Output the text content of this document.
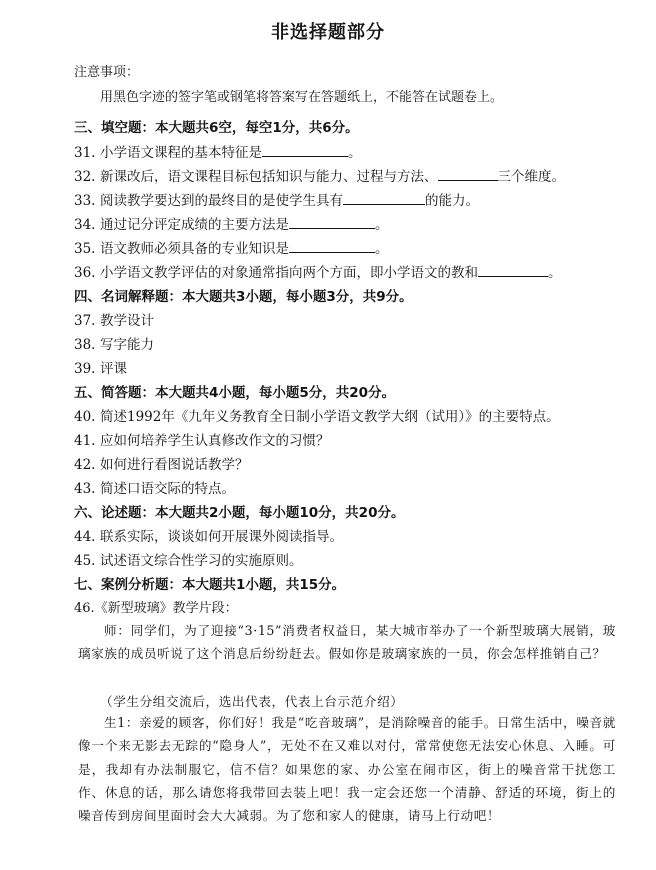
非选择题部分
注意事项：
用黑色字迹的签字笔或钢笔将答案写在答题纸上，不能答在试题卷上。
三、填空题：本大题共6空，每空1分，共6分。
31. 小学语文课程的基本特征是	。
32. 新课改后，语文课程目标包括知识与能力、过程与方法、	三个维度。
33. 阅读教学要达到的最终目的是使学生具有	的能力。
34. 通过记分评定成绩的主要方法是	。
35. 语文教师必须具备的专业知识是	。
36. 小学语文教学评估的对象通常指向两个方面，即小学语文的教和	。
四、名词解释题：本大题共3小题，每小题3分，共9分。
37. 教学设计
38. 写字能力
39. 评课
五、简答题：本大题共4小题，每小题5分，共20分。
40. 简述1992年《九年义务教育全日制小学语文教学大纲（试用）》的主要特点。
41. 应如何培养学生认真修改作文的习惯？
42. 如何进行看图说话教学？
43. 简述口语交际的特点。
六、论述题：本大题共2小题，每小题10分，共20分。
44. 联系实际，谈谈如何开展课外阅读指导。
45. 试述语文综合性学习的实施原则。
七、案例分析题：本大题共1小题，共15分。
46.《新型玻璃》教学片段：
师：同学们，为了迎接“3·15”消费者权益日，某大城市举办了一个新型玻璃大展销，玻璃家族的成员听说了这个消息后纷纷赶去。假如你是玻璃家族的一员，你会怎样推销自己？
（学生分组交流后，选出代表，代表上台示范介绍）
生1：亲爱的顾客，你们好！我是“吃音玻璃”，是消除噪音的能手。日常生活中，噪音就像一个来无影去无踪的“隐身人”，无处不在又难以对付，常常使您无法安心休息、入睡。可是，我却有办法制服它，信不信？如果您的家、办公室在闹市区，街上的噪音常干扰您工作、休息的话，那么请您将我带回去装上吧！我一定会还您一个清静、舒适的环境，街上的噪音传到房间里面时会大大减弱。为了您和家人的健康，请马上行动吧！
